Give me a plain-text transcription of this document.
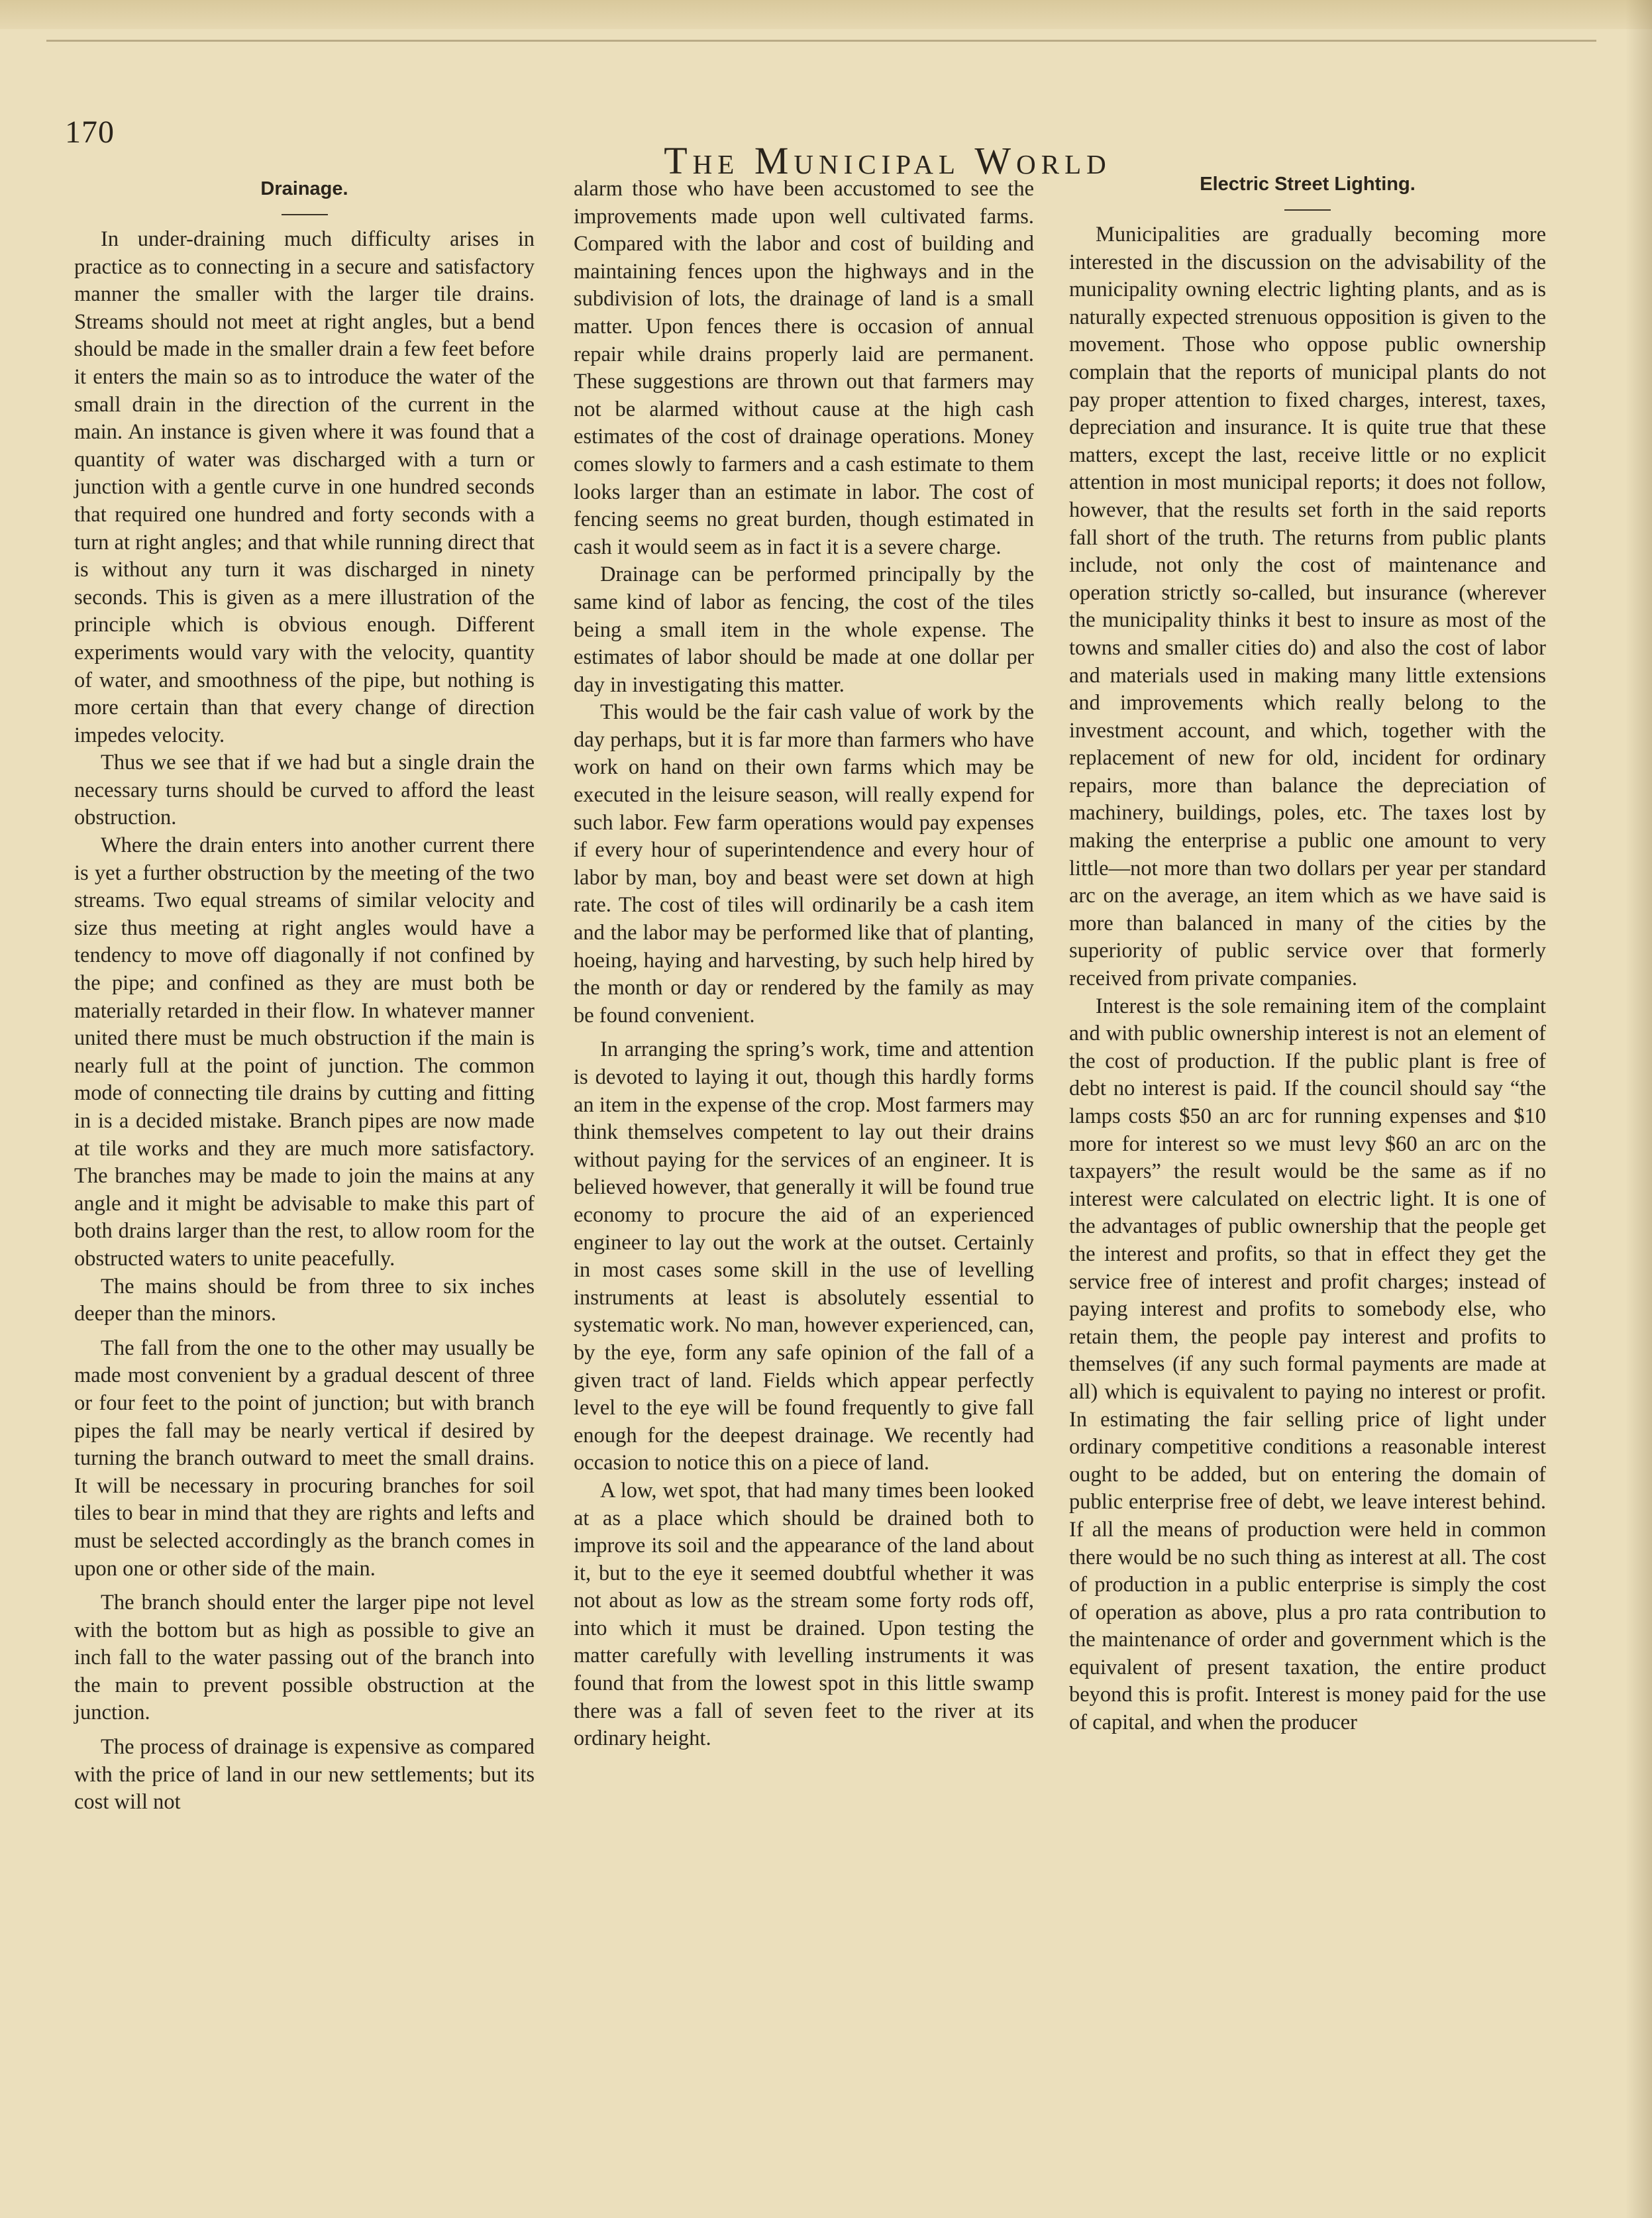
170
The Municipal World
Drainage.

In under-draining much difficulty arises in practice as to connecting in a secure and satisfactory manner the smaller with the larger tile drains. Streams should not meet at right angles, but a bend should be made in the smaller drain a few feet before it enters the main so as to introduce the water of the small drain in the direction of the current in the main. An instance is given where it was found that a quantity of water was discharged with a turn or junction with a gentle curve in one hundred seconds that required one hundred and forty seconds with a turn at right angles; and that while running direct that is without any turn it was discharged in ninety seconds. This is given as a mere illustration of the principle which is obvious enough. Different experiments would vary with the velocity, quantity of water, and smoothness of the pipe, but nothing is more certain than that every change of direction impedes velocity.

Thus we see that if we had but a single drain the necessary turns should be curved to afford the least obstruction.

Where the drain enters into another current there is yet a further obstruction by the meeting of the two streams. Two equal streams of similar velocity and size thus meeting at right angles would have a tendency to move off diagonally if not confined by the pipe; and confined as they are must both be materially retarded in their flow. In whatever manner united there must be much obstruction if the main is nearly full at the point of junction. The common mode of connecting tile drains by cutting and fitting in is a decided mistake. Branch pipes are now made at tile works and they are much more satisfactory. The branches may be made to join the mains at any angle and it might be advisable to make this part of both drains larger than the rest, to allow room for the obstructed waters to unite peacefully.

The mains should be from three to six inches deeper than the minors.

The fall from the one to the other may usually be made most convenient by a gradual descent of three or four feet to the point of junction; but with branch pipes the fall may be nearly vertical if desired by turning the branch outward to meet the small drains. It will be necessary in procuring branches for soil tiles to bear in mind that they are rights and lefts and must be selected accordingly as the branch comes in upon one or other side of the main.

The branch should enter the larger pipe not level with the bottom but as high as possible to give an inch fall to the water passing out of the branch into the main to prevent possible obstruction at the junction.

The process of drainage is expensive as compared with the price of land in our new settlements; but its cost will not

alarm those who have been accustomed to see the improvements made upon well cultivated farms. Compared with the labor and cost of building and maintaining fences upon the highways and in the subdivision of lots, the drainage of land is a small matter. Upon fences there is occasion of annual repair while drains properly laid are permanent. These suggestions are thrown out that farmers may not be alarmed without cause at the high cash estimates of the cost of drainage operations. Money comes slowly to farmers and a cash estimate to them looks larger than an estimate in labor. The cost of fencing seems no great burden, though estimated in cash it would seem as in fact it is a severe charge.

Drainage can be performed principally by the same kind of labor as fencing, the cost of the tiles being a small item in the whole expense. The estimates of labor should be made at one dollar per day in investigating this matter.

This would be the fair cash value of work by the day perhaps, but it is far more than farmers who have work on hand on their own farms which may be executed in the leisure season, will really expend for such labor. Few farm operations would pay expenses if every hour of superintendence and every hour of labor by man, boy and beast were set down at high rate. The cost of tiles will ordinarily be a cash item and the labor may be performed like that of planting, hoeing, haying and harvesting, by such help hired by the month or day or rendered by the family as may be found convenient.

In arranging the spring’s work, time and attention is devoted to laying it out, though this hardly forms an item in the expense of the crop. Most farmers may think themselves competent to lay out their drains without paying for the services of an engineer. It is believed however, that generally it will be found true economy to procure the aid of an experienced engineer to lay out the work at the outset. Certainly in most cases some skill in the use of levelling instruments at least is absolutely essential to systematic work. No man, however experienced, can, by the eye, form any safe opinion of the fall of a given tract of land. Fields which appear perfectly level to the eye will be found frequently to give fall enough for the deepest drainage. We recently had occasion to notice this on a piece of land.

A low, wet spot, that had many times been looked at as a place which should be drained both to improve its soil and the appearance of the land about it, but to the eye it seemed doubtful whether it was not about as low as the stream some forty rods off, into which it must be drained. Upon testing the matter carefully with levelling instruments it was found that from the lowest spot in this little swamp there was a fall of seven feet to the river at its ordinary height.

Electric Street Lighting.

Municipalities are gradually becoming more interested in the discussion on the advisability of the municipality owning electric lighting plants, and as is naturally expected strenuous opposition is given to the movement. Those who oppose public ownership complain that the reports of municipal plants do not pay proper attention to fixed charges, interest, taxes, depreciation and insurance. It is quite true that these matters, except the last, receive little or no explicit attention in most municipal reports; it does not follow, however, that the results set forth in the said reports fall short of the truth. The returns from public plants include, not only the cost of maintenance and operation strictly so-called, but insurance (wherever the municipality thinks it best to insure as most of the towns and smaller cities do) and also the cost of labor and materials used in making many little extensions and improvements which really belong to the investment account, and which, together with the replacement of new for old, incident for ordinary repairs, more than balance the depreciation of machinery, buildings, poles, etc. The taxes lost by making the enterprise a public one amount to very little—not more than two dollars per year per standard arc on the average, an item which as we have said is more than balanced in many of the cities by the superiority of public service over that formerly received from private companies.

Interest is the sole remaining item of the complaint and with public ownership interest is not an element of the cost of production. If the public plant is free of debt no interest is paid. If the council should say “the lamps costs $50 an arc for running expenses and $10 more for interest so we must levy $60 an arc on the taxpayers” the result would be the same as if no interest were calculated on electric light. It is one of the advantages of public ownership that the people get the interest and profits, so that in effect they get the service free of interest and profit charges; instead of paying interest and profits to somebody else, who retain them, the people pay interest and profits to themselves (if any such formal payments are made at all) which is equivalent to paying no interest or profit. In estimating the fair selling price of light under ordinary competitive conditions a reasonable interest ought to be added, but on entering the domain of public enterprise free of debt, we leave interest behind. If all the means of production were held in common there would be no such thing as interest at all. The cost of production in a public enterprise is simply the cost of operation as above, plus a pro rata contribution to the maintenance of order and government which is the equivalent of present taxation, the entire product beyond this is profit. Interest is money paid for the use of capital, and when the producer
